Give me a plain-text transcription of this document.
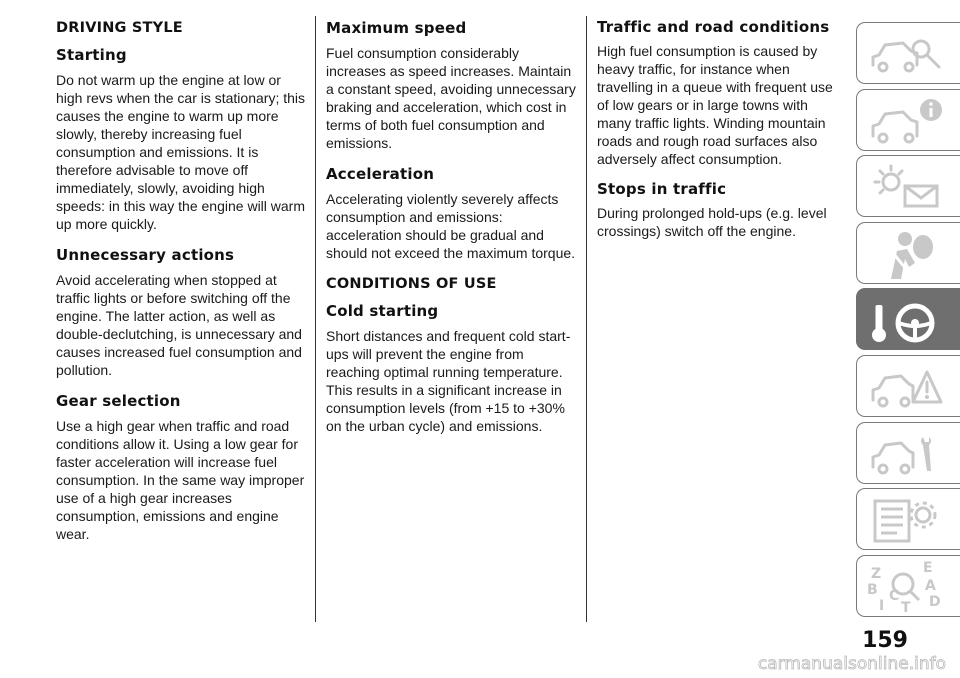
DRIVING STYLE
Starting

Do not warm up the engine at low or high revs when the car is stationary; this causes the engine to warm up more slowly, thereby increasing fuel consumption and emissions. It is therefore advisable to move off immediately, slowly, avoiding high speeds: in this way the engine will warm up more quickly.

Unnecessary actions

Avoid accelerating when stopped at traffic lights or before switching off the engine. The latter action, as well as double-declutching, is unnecessary and causes increased fuel consumption and pollution.

Gear selection

Use a high gear when traffic and road conditions allow it. Using a low gear for faster acceleration will increase fuel consumption. In the same way improper use of a high gear increases consumption, emissions and engine wear.

Maximum speed

Fuel consumption considerably increases as speed increases. Maintain a constant speed, avoiding unnecessary braking and acceleration, which cost in terms of both fuel consumption and emissions.

Acceleration

Accelerating violently severely affects consumption and emissions: acceleration should be gradual and should not exceed the maximum torque.

CONDITIONS OF USE
Cold starting

Short distances and frequent cold start-ups will prevent the engine from reaching optimal running temperature. This results in a significant increase in consumption levels (from +15 to +30% on the urban cycle) and emissions.

Traffic and road conditions

High fuel consumption is caused by heavy traffic, for instance when travelling in a queue with frequent use of low gears or in large towns with many traffic lights. Winding mountain roads and rough road surfaces also adversely affect consumption.

Stops in traffic

During prolonged hold-ups (e.g. level crossings) switch off the engine.

Z	E
A
B
D
I
C
T
159
carmanualsonline.info
